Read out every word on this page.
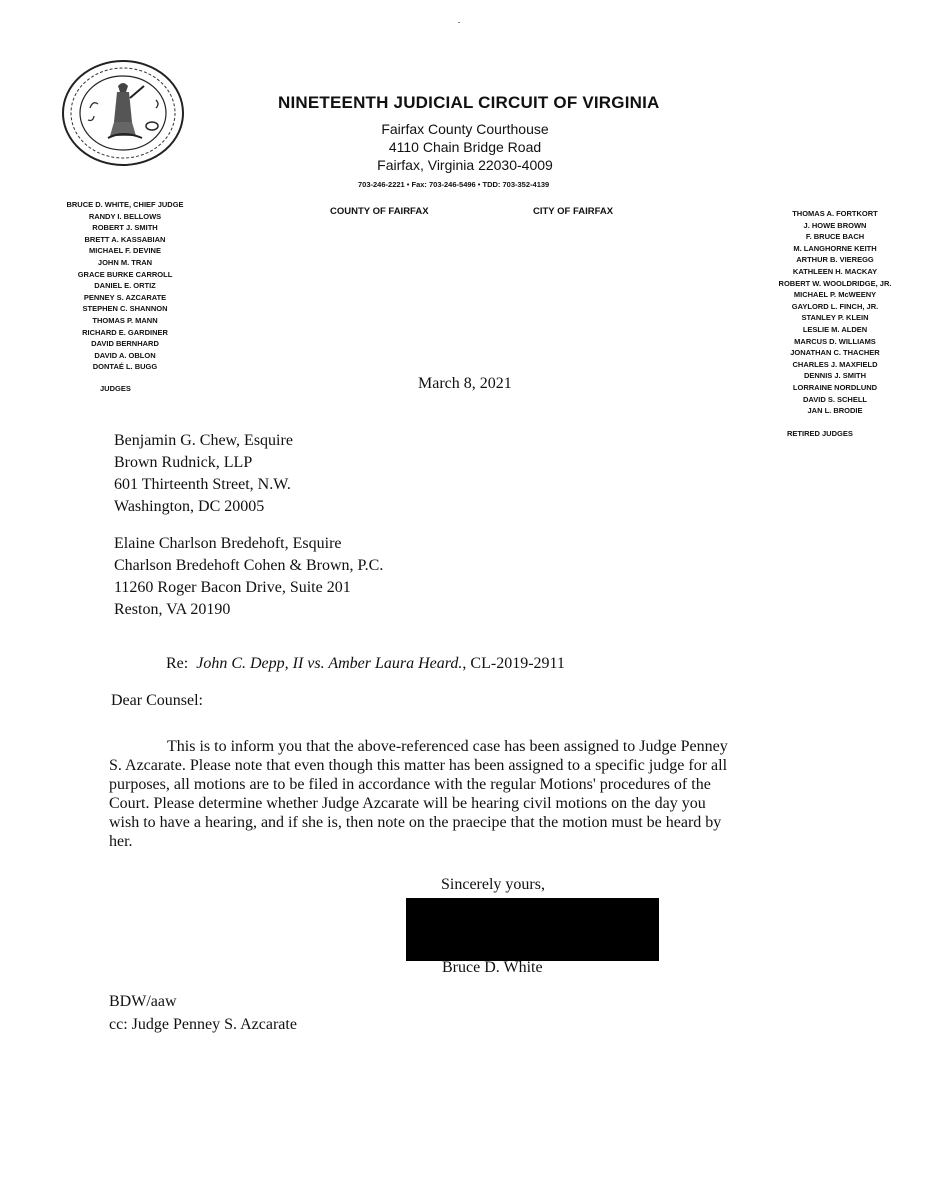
NINETEENTH JUDICIAL CIRCUIT OF VIRGINIA
Fairfax County Courthouse
4110 Chain Bridge Road
Fairfax, Virginia 22030-4009
703-246-2221 • Fax: 703-246-5496 • TDD: 703-352-4139
COUNTY OF FAIRFAX	CITY OF FAIRFAX
BRUCE D. WHITE, CHIEF JUDGE
RANDY I. BELLOWS
ROBERT J. SMITH
BRETT A. KASSABIAN
MICHAEL F. DEVINE
JOHN M. TRAN
GRACE BURKE CARROLL
DANIEL E. ORTIZ
PENNEY S. AZCARATE
STEPHEN C. SHANNON
THOMAS P. MANN
RICHARD E. GARDINER
DAVID BERNHARD
DAVID A. OBLON
DONTAÉ L. BUGG
JUDGES
THOMAS A. FORTKORT
J. HOWE BROWN
F. BRUCE BACH
M. LANGHORNE KEITH
ARTHUR B. VIEREGG
KATHLEEN H. MACKAY
ROBERT W. WOOLDRIDGE, JR.
MICHAEL P. McWEENY
GAYLORD L. FINCH, JR.
STANLEY P. KLEIN
LESLIE M. ALDEN
MARCUS D. WILLIAMS
JONATHAN C. THACHER
CHARLES J. MAXFIELD
DENNIS J. SMITH
LORRAINE NORDLUND
DAVID S. SCHELL
JAN L. BRODIE
RETIRED JUDGES
March 8, 2021
Benjamin G. Chew, Esquire
Brown Rudnick, LLP
601 Thirteenth Street, N.W.
Washington, DC 20005
Elaine Charlson Bredehoft, Esquire
Charlson Bredehoft Cohen & Brown, P.C.
11260 Roger Bacon Drive, Suite 201
Reston, VA 20190
Re: John C. Depp, II vs. Amber Laura Heard., CL-2019-2911
Dear Counsel:
This is to inform you that the above-referenced case has been assigned to Judge Penney
S. Azcarate. Please note that even though this matter has been assigned to a specific judge for all
purposes, all motions are to be filed in accordance with the regular Motions' procedures of the
Court. Please determine whether Judge Azcarate will be hearing civil motions on the day you
wish to have a hearing, and if she is, then note on the praecipe that the motion must be heard by
her.
Sincerely yours,
Bruce D. White
BDW/aaw
cc: Judge Penney S. Azcarate
